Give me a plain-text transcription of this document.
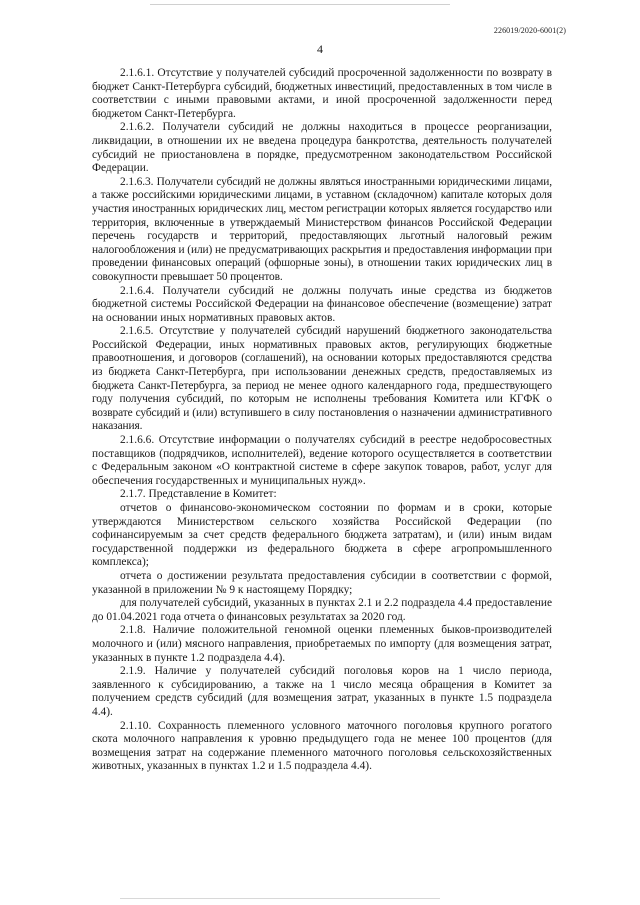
226019/2020-6001(2)
4

2.1.6.1. Отсутствие у получателей субсидий просроченной задолженности по возврату в бюджет Санкт-Петербурга субсидий, бюджетных инвестиций, предоставленных в том числе в соответствии с иными правовыми актами, и иной просроченной задолженности перед бюджетом Санкт-Петербурга.

2.1.6.2. Получатели субсидий не должны находиться в процессе реорганизации, ликвидации, в отношении их не введена процедура банкротства, деятельность получателей субсидий не приостановлена в порядке, предусмотренном законодательством Российской Федерации.

2.1.6.3. Получатели субсидий не должны являться иностранными юридическими лицами, а также российскими юридическими лицами, в уставном (складочном) капитале которых доля участия иностранных юридических лиц, местом регистрации которых является государство или территория, включенные в утверждаемый Министерством финансов Российской Федерации перечень государств и территорий, предоставляющих льготный налоговый режим налогообложения и (или) не предусматривающих раскрытия и предоставления информации при проведении финансовых операций (офшорные зоны), в отношении таких юридических лиц в совокупности превышает 50 процентов.

2.1.6.4. Получатели субсидий не должны получать иные средства из бюджетов бюджетной системы Российской Федерации на финансовое обеспечение (возмещение) затрат на основании иных нормативных правовых актов.

2.1.6.5. Отсутствие у получателей субсидий нарушений бюджетного законодательства Российской Федерации, иных нормативных правовых актов, регулирующих бюджетные правоотношения, и договоров (соглашений), на основании которых предоставляются средства из бюджета Санкт-Петербурга, при использовании денежных средств, предоставляемых из бюджета Санкт-Петербурга, за период не менее одного календарного года, предшествующего году получения субсидий, по которым не исполнены требования Комитета или КГФК о возврате субсидий и (или) вступившего в силу постановления о назначении административного наказания.

2.1.6.6. Отсутствие информации о получателях субсидий в реестре недобросовестных поставщиков (подрядчиков, исполнителей), ведение которого осуществляется в соответствии с Федеральным законом «О контрактной системе в сфере закупок товаров, работ, услуг для обеспечения государственных и муниципальных нужд».

2.1.7. Представление в Комитет:

отчетов о финансово-экономическом состоянии по формам и в сроки, которые утверждаются Министерством сельского хозяйства Российской Федерации (по софинансируемым за счет средств федерального бюджета затратам), и (или) иным видам государственной поддержки из федерального бюджета в сфере агропромышленного комплекса);

отчета о достижении результата предоставления субсидии в соответствии с формой, указанной в приложении № 9 к настоящему Порядку;

для получателей субсидий, указанных в пунктах 2.1 и 2.2 подраздела 4.4 предоставление до 01.04.2021 года отчета о финансовых результатах за 2020 год.

2.1.8. Наличие положительной геномной оценки племенных быков-производителей молочного и (или) мясного направления, приобретаемых по импорту (для возмещения затрат, указанных в пункте 1.2 подраздела 4.4).

2.1.9. Наличие у получателей субсидий поголовья коров на 1 число периода, заявленного к субсидированию, а также на 1 число месяца обращения в Комитет за получением средств субсидий (для возмещения затрат, указанных в пункте 1.5 подраздела 4.4).

2.1.10. Сохранность племенного условного маточного поголовья крупного рогатого скота молочного направления к уровню предыдущего года не менее 100 процентов (для возмещения затрат на содержание племенного маточного поголовья сельскохозяйственных животных, указанных в пунктах 1.2 и 1.5 подраздела 4.4).
